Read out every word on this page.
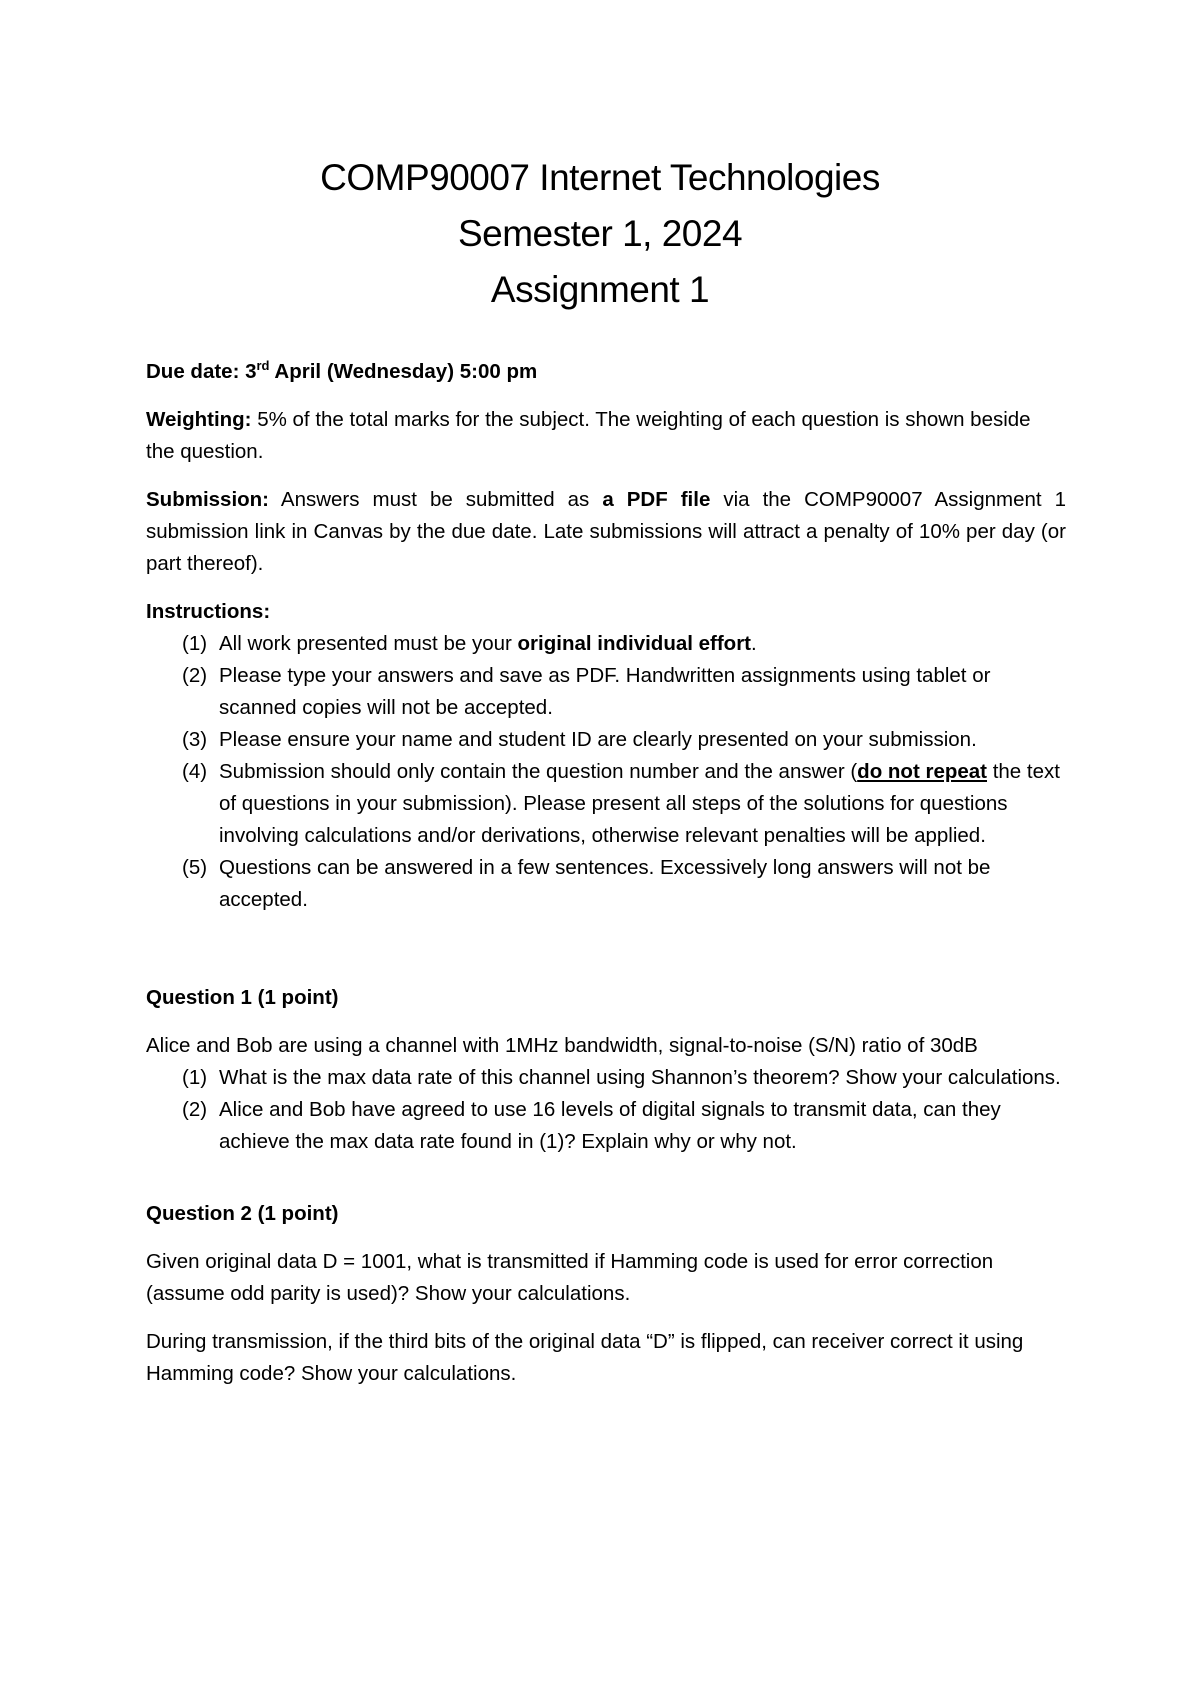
COMP90007 Internet Technologies
Semester 1, 2024
Assignment 1

Due date: 3rd April (Wednesday) 5:00 pm

Weighting: 5% of the total marks for the subject. The weighting of each question is shown beside the question.

Submission: Answers must be submitted as a PDF file via the COMP90007 Assignment 1 submission link in Canvas by the due date. Late submissions will attract a penalty of 10% per day (or part thereof).

Instructions:

(1) All work presented must be your original individual effort.
(2) Please type your answers and save as PDF. Handwritten assignments using tablet or scanned copies will not be accepted.
(3) Please ensure your name and student ID are clearly presented on your submission.
(4) Submission should only contain the question number and the answer (do not repeat the text of questions in your submission). Please present all steps of the solutions for questions involving calculations and/or derivations, otherwise relevant penalties will be applied.
(5) Questions can be answered in a few sentences. Excessively long answers will not be accepted.

Question 1 (1 point)

Alice and Bob are using a channel with 1MHz bandwidth, signal-to-noise (S/N) ratio of 30dB

(1) What is the max data rate of this channel using Shannon’s theorem? Show your calculations.
(2) Alice and Bob have agreed to use 16 levels of digital signals to transmit data, can they achieve the max data rate found in (1)? Explain why or why not.

Question 2 (1 point)

Given original data D = 1001, what is transmitted if Hamming code is used for error correction (assume odd parity is used)? Show your calculations.

During transmission, if the third bits of the original data “D” is flipped, can receiver correct it using Hamming code? Show your calculations.
